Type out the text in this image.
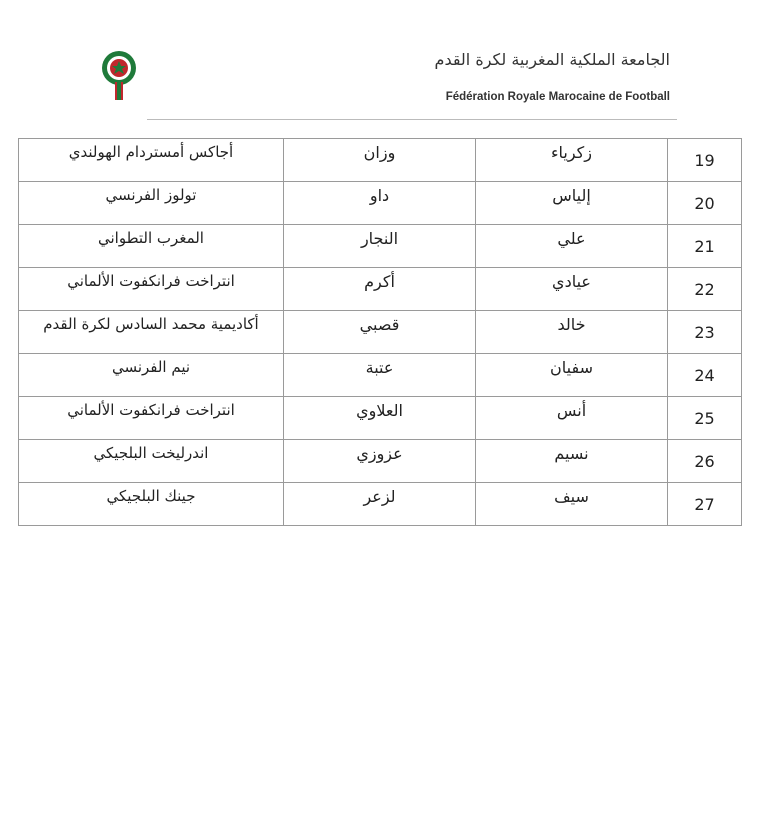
الجامعة الملكية المغربية لكرة القدم
Fédération Royale Marocaine de Football
أجاكس أمستردام الهولندي	وزان	زكرياء	19

تولوز الفرنسي	داو	إلياس	20

المغرب التطواني	النجار	علي	21

انتراخت فرانكفوت الألماني	أكرم	عيادي	22

أكاديمية محمد السادس لكرة القدم	قصبي	خالد	23

نيم الفرنسي	عتبة	سفيان	24

انتراخت فرانكفوت الألماني	العلاوي	أنس	25

اندرليخت البلجيكي	عزوزي	نسيم	26

جينك البلجيكي	لزعر	سيف	27
